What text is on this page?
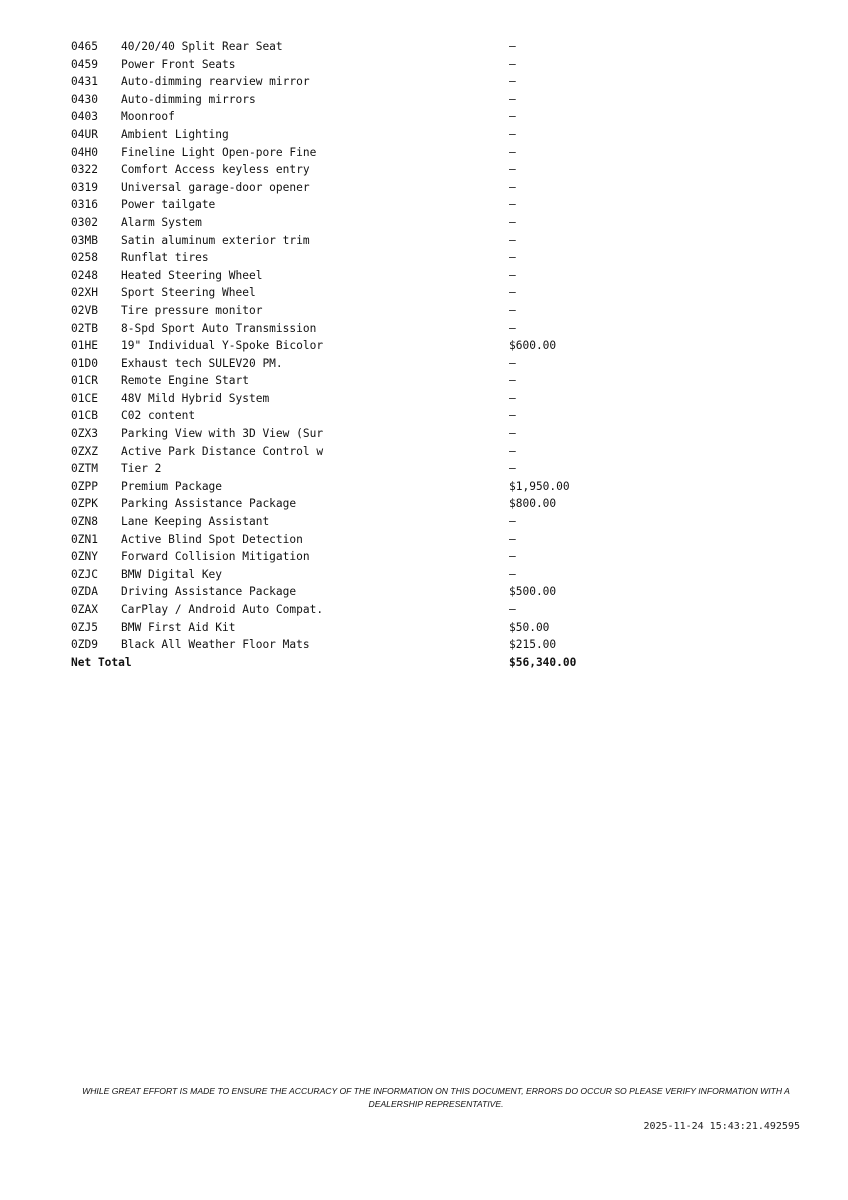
0465	40/20/40 Split Rear Seat	—
0459	Power Front Seats	—
0431	Auto-dimming rearview mirror	—
0430	Auto-dimming mirrors	—
0403	Moonroof	—
04UR	Ambient Lighting	—
04H0	Fineline Light Open-pore Fine	—
0322	Comfort Access keyless entry	—
0319	Universal garage-door opener	—
0316	Power tailgate	—
0302	Alarm System	—
03MB	Satin aluminum exterior trim	—
0258	Runflat tires	—
0248	Heated Steering Wheel	—
02XH	Sport Steering Wheel	—
02VB	Tire pressure monitor	—
02TB	8-Spd Sport Auto Transmission	—
01HE	19" Individual Y-Spoke Bicolor	$600.00
01D0	Exhaust tech SULEV20 PM.	—
01CR	Remote Engine Start	—
01CE	48V Mild Hybrid System	—
01CB	C02 content	—
0ZX3	Parking View with 3D View (Sur	—
0ZXZ	Active Park Distance Control w	—
0ZTM	Tier 2	—
0ZPP	Premium Package	$1,950.00
0ZPK	Parking Assistance Package	$800.00
0ZN8	Lane Keeping Assistant	—
0ZN1	Active Blind Spot Detection	—
0ZNY	Forward Collision Mitigation	—
0ZJC	BMW Digital Key	—
0ZDA	Driving Assistance Package	$500.00
0ZAX	CarPlay / Android Auto Compat.	—
0ZJ5	BMW First Aid Kit	$50.00
0ZD9	Black All Weather Floor Mats	$215.00
Net Total		$56,340.00
WHILE GREAT EFFORT IS MADE TO ENSURE THE ACCURACY OF THE INFORMATION ON THIS DOCUMENT, ERRORS DO OCCUR SO PLEASE VERIFY INFORMATION WITH A DEALERSHIP REPRESENTATIVE.
2025-11-24 15:43:21.492595
